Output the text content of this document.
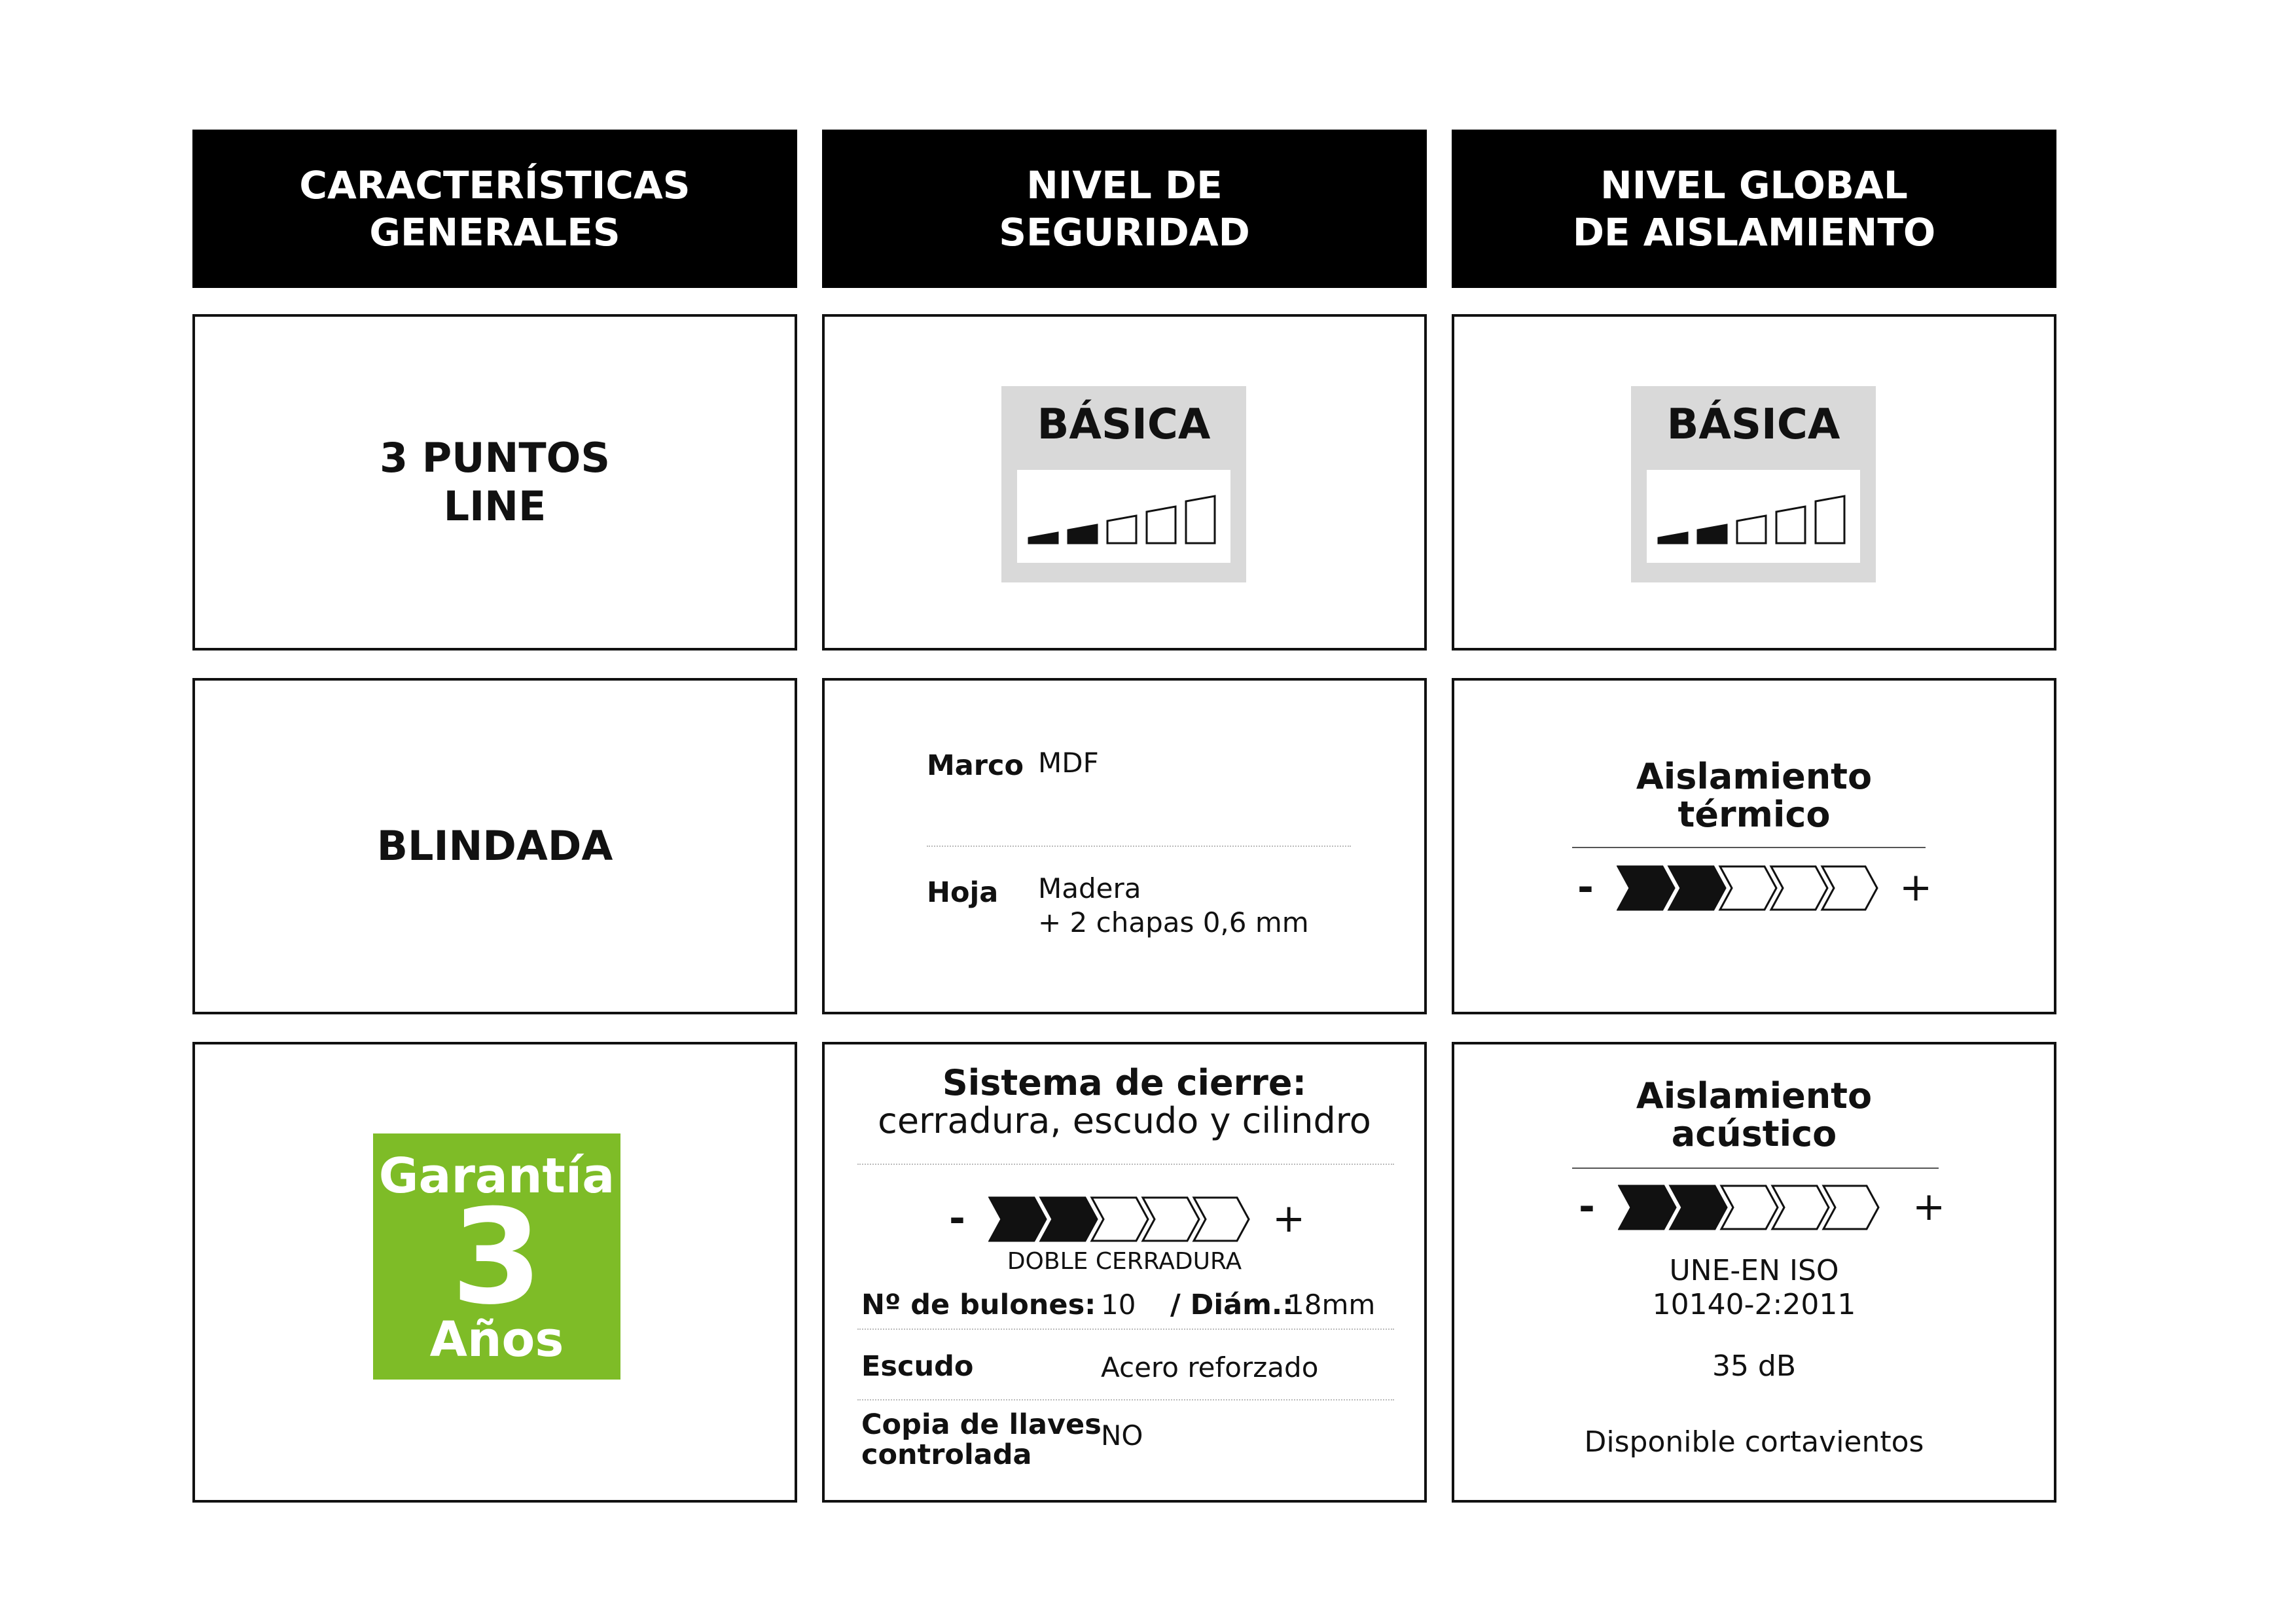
CARACTERÍSTICAS
GENERALES
NIVEL DE
SEGURIDAD
NIVEL GLOBAL
DE AISLAMIENTO
3 PUNTOS
LINE
BÁSICA	BÁSICA
BLINDADA
Marco MDF
Hoja Madera
+ 2 chapas 0,6 mm
Aislamiento
térmico
-	+
Garantía
3
Años
Sistema de cierre:
cerradura, escudo y cilindro
-	+
DOBLE CERRADURA
Nº de bulones: 10 / Diám.:
18mm
Escudo	Acero reforzado
Copia de llaves
controlada
NO
Aislamiento
acústico
-	+
UNE-EN ISO
10140-2:2011
35 dB
Disponible cortavientos
